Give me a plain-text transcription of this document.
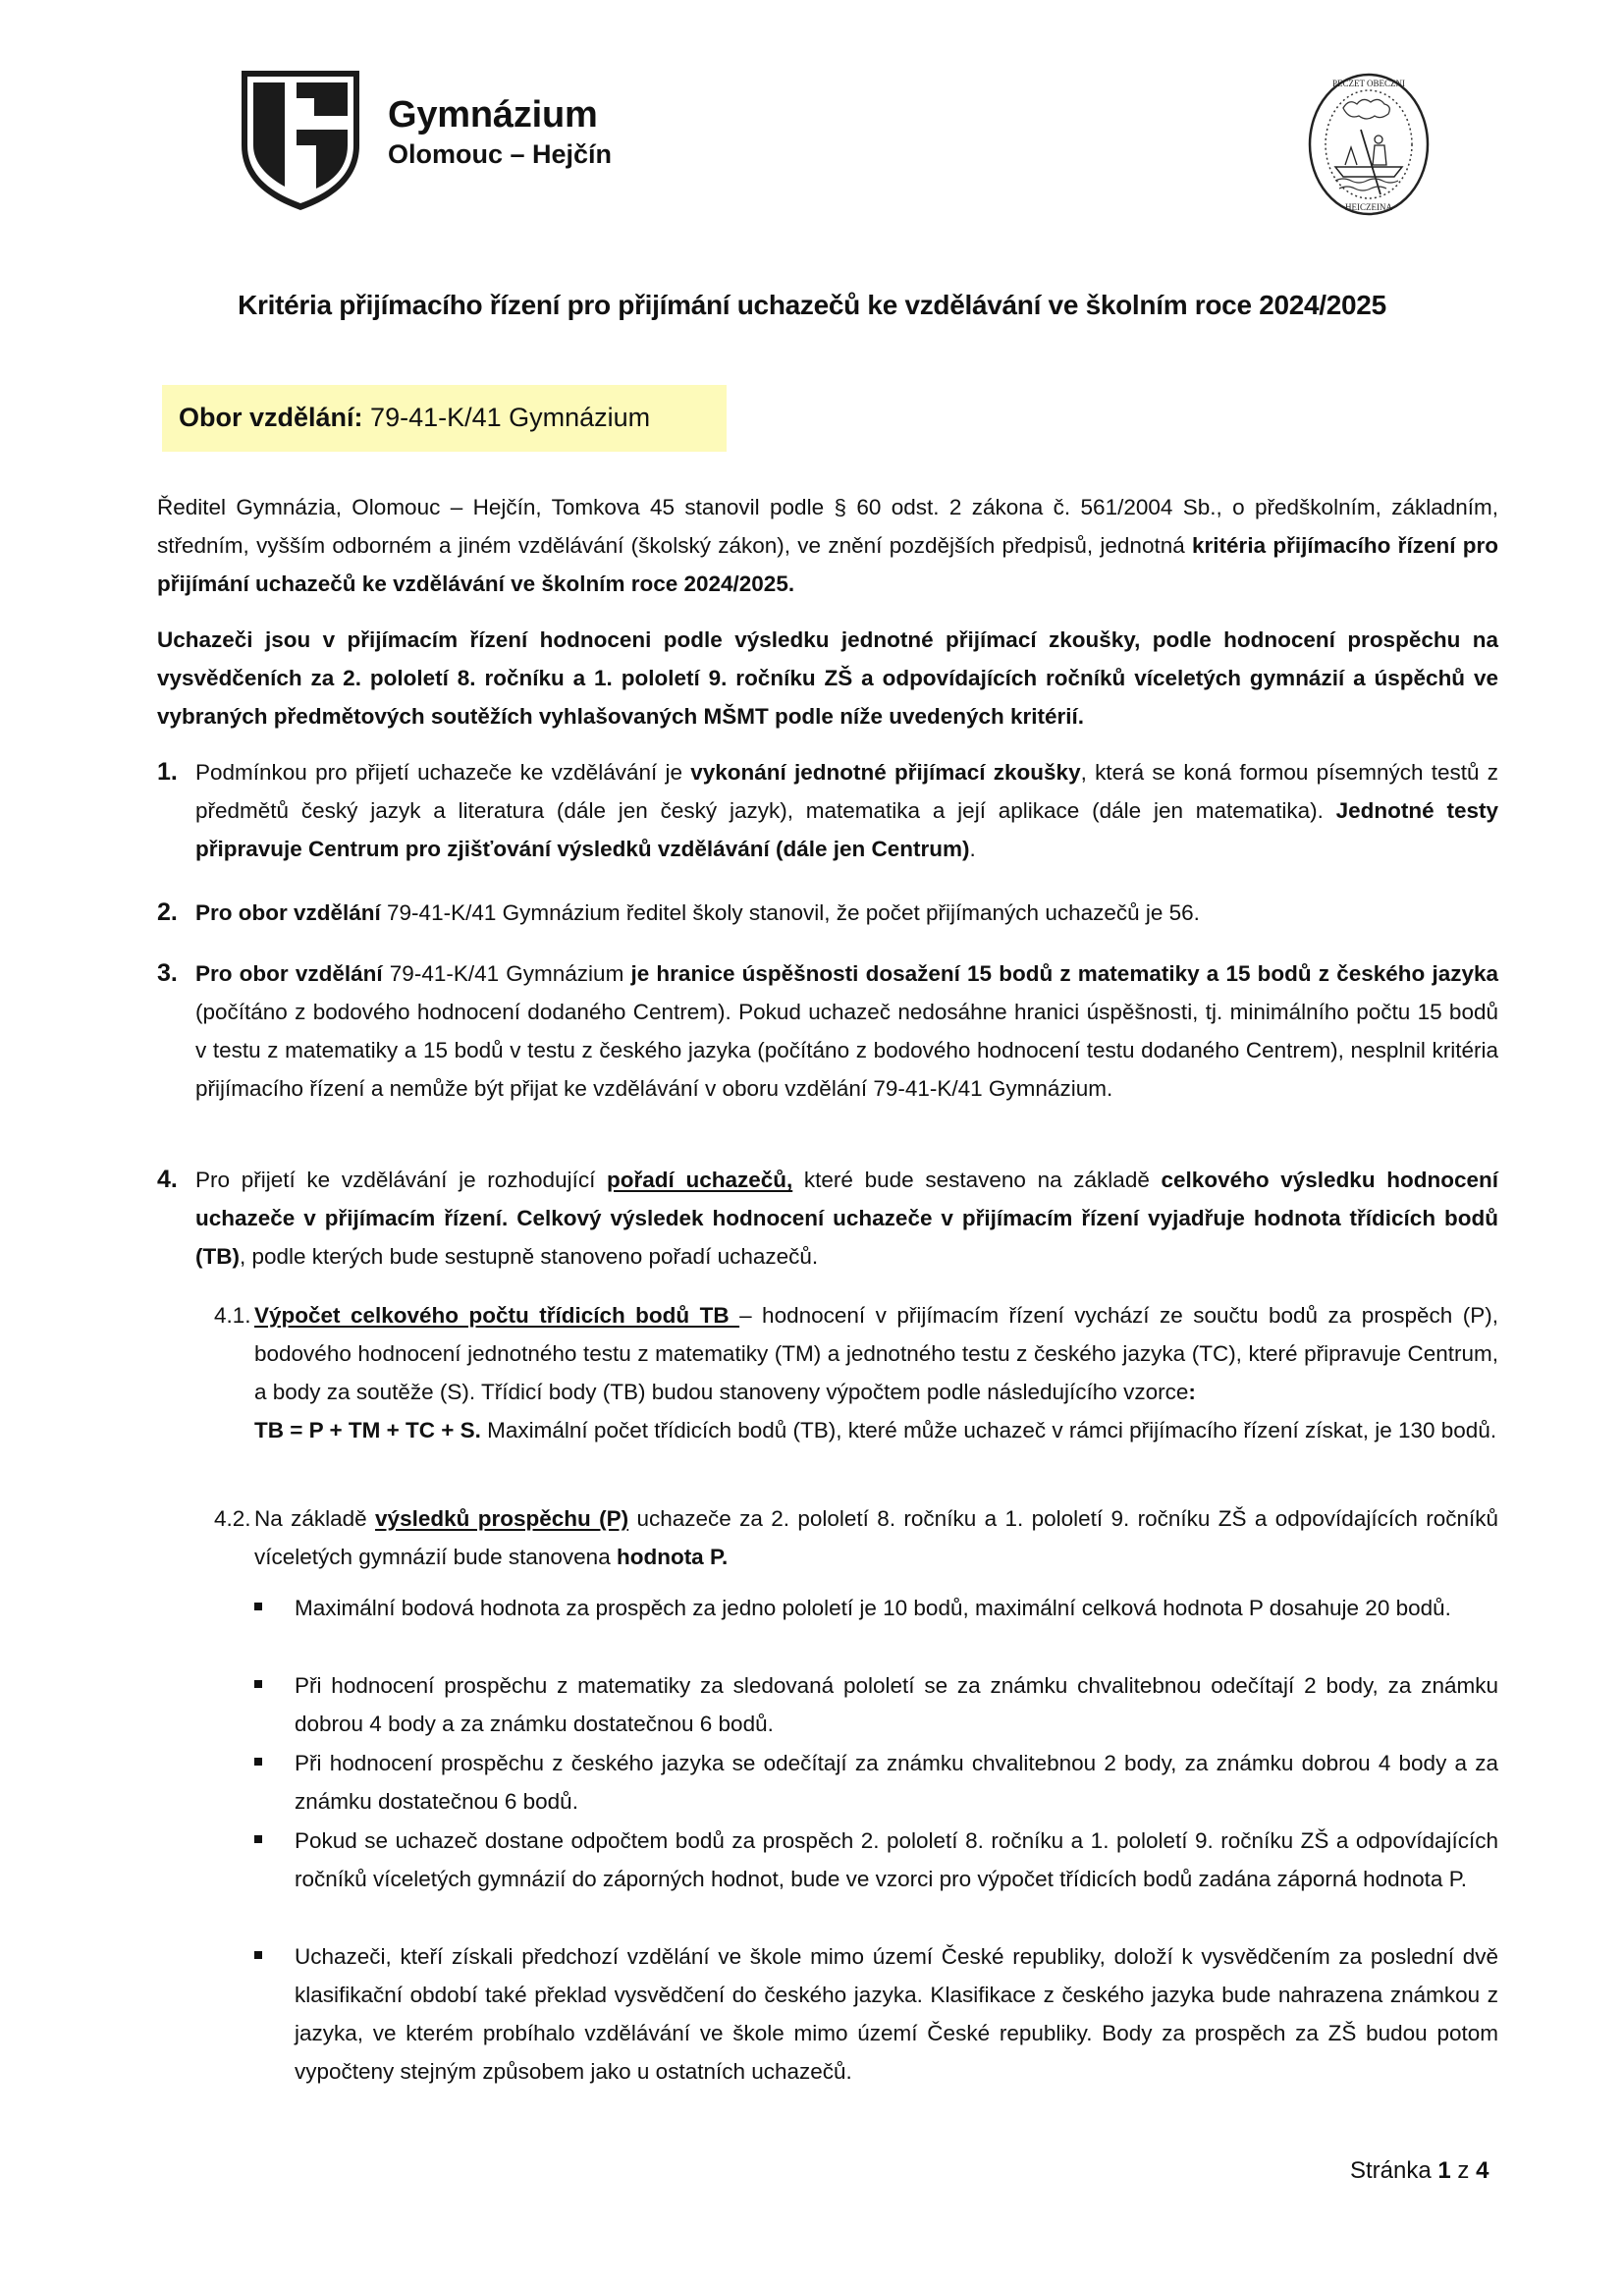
Gymnázium
Olomouc – Hejčín
PECZET OBECZNI
HEICZEINA
Kritéria přijímacího řízení pro přijímání uchazečů ke vzdělávání ve školním roce 2024/2025
Obor vzdělání: 79-41-K/41 Gymnázium
Ředitel Gymnázia, Olomouc – Hejčín, Tomkova 45 stanovil podle § 60 odst. 2 zákona č. 561/2004 Sb., o předškolním, základním, středním, vyšším odborném a jiném vzdělávání (školský zákon), ve znění pozdějších předpisů, jednotná kritéria přijímacího řízení pro přijímání uchazečů ke vzdělávání ve školním roce 2024/2025.
Uchazeči jsou v přijímacím řízení hodnoceni podle výsledku jednotné přijímací zkoušky, podle hodnocení prospěchu na vysvědčeních za 2. pololetí 8. ročníku a 1. pololetí 9. ročníku ZŠ a odpovídajících ročníků víceletých gymnázií a úspěchů ve vybraných předmětových soutěžích vyhlašovaných MŠMT podle níže uvedených kritérií.
1. Podmínkou pro přijetí uchazeče ke vzdělávání je vykonání jednotné přijímací zkoušky, která se koná formou písemných testů z předmětů český jazyk a literatura (dále jen český jazyk), matematika a její aplikace (dále jen matematika). Jednotné testy připravuje Centrum pro zjišťování výsledků vzdělávání (dále jen Centrum).
2. Pro obor vzdělání 79-41-K/41 Gymnázium ředitel školy stanovil, že počet přijímaných uchazečů je 56.
3. Pro obor vzdělání 79-41-K/41 Gymnázium je hranice úspěšnosti dosažení 15 bodů z matematiky a 15 bodů z českého jazyka (počítáno z bodového hodnocení dodaného Centrem). Pokud uchazeč nedosáhne hranici úspěšnosti, tj. minimálního počtu 15 bodů v testu z matematiky a 15 bodů v testu z českého jazyka (počítáno z bodového hodnocení testu dodaného Centrem), nesplnil kritéria přijímacího řízení a nemůže být přijat ke vzdělávání v oboru vzdělání 79-41-K/41 Gymnázium.
4. Pro přijetí ke vzdělávání je rozhodující pořadí uchazečů, které bude sestaveno na základě celkového výsledku hodnocení uchazeče v přijímacím řízení. Celkový výsledek hodnocení uchazeče v přijímacím řízení vyjadřuje hodnota třídicích bodů (TB), podle kterých bude sestupně stanoveno pořadí uchazečů.
4.1. Výpočet celkového počtu třídicích bodů TB – hodnocení v přijímacím řízení vychází ze součtu bodů za prospěch (P), bodového hodnocení jednotného testu z matematiky (TM) a jednotného testu z českého jazyka (TC), které připravuje Centrum, a body za soutěže (S). Třídicí body (TB) budou stanoveny výpočtem podle následujícího vzorce:
TB = P + TM + TC + S. Maximální počet třídicích bodů (TB), které může uchazeč v rámci přijímacího řízení získat, je 130 bodů.
4.2. Na základě výsledků prospěchu (P) uchazeče za 2. pololetí 8. ročníku a 1. pololetí 9. ročníku ZŠ a odpovídajících ročníků víceletých gymnázií bude stanovena hodnota P.
Maximální bodová hodnota za prospěch za jedno pololetí je 10 bodů, maximální celková hodnota P dosahuje 20 bodů.
Při hodnocení prospěchu z matematiky za sledovaná pololetí se za známku chvalitebnou odečítají 2 body, za známku dobrou 4 body a za známku dostatečnou 6 bodů.
Při hodnocení prospěchu z českého jazyka se odečítají za známku chvalitebnou 2 body, za známku dobrou 4 body a za známku dostatečnou 6 bodů.
Pokud se uchazeč dostane odpočtem bodů za prospěch 2. pololetí 8. ročníku a 1. pololetí 9. ročníku ZŠ a odpovídajících ročníků víceletých gymnázií do záporných hodnot, bude ve vzorci pro výpočet třídicích bodů zadána záporná hodnota P.
Uchazeči, kteří získali předchozí vzdělání ve škole mimo území České republiky, doloží k vysvědčením za poslední dvě klasifikační období také překlad vysvědčení do českého jazyka. Klasifikace z českého jazyka bude nahrazena známkou z jazyka, ve kterém probíhalo vzdělávání ve škole mimo území České republiky. Body za prospěch za ZŠ budou potom vypočteny stejným způsobem jako u ostatních uchazečů.
Stránka 1 z 4
